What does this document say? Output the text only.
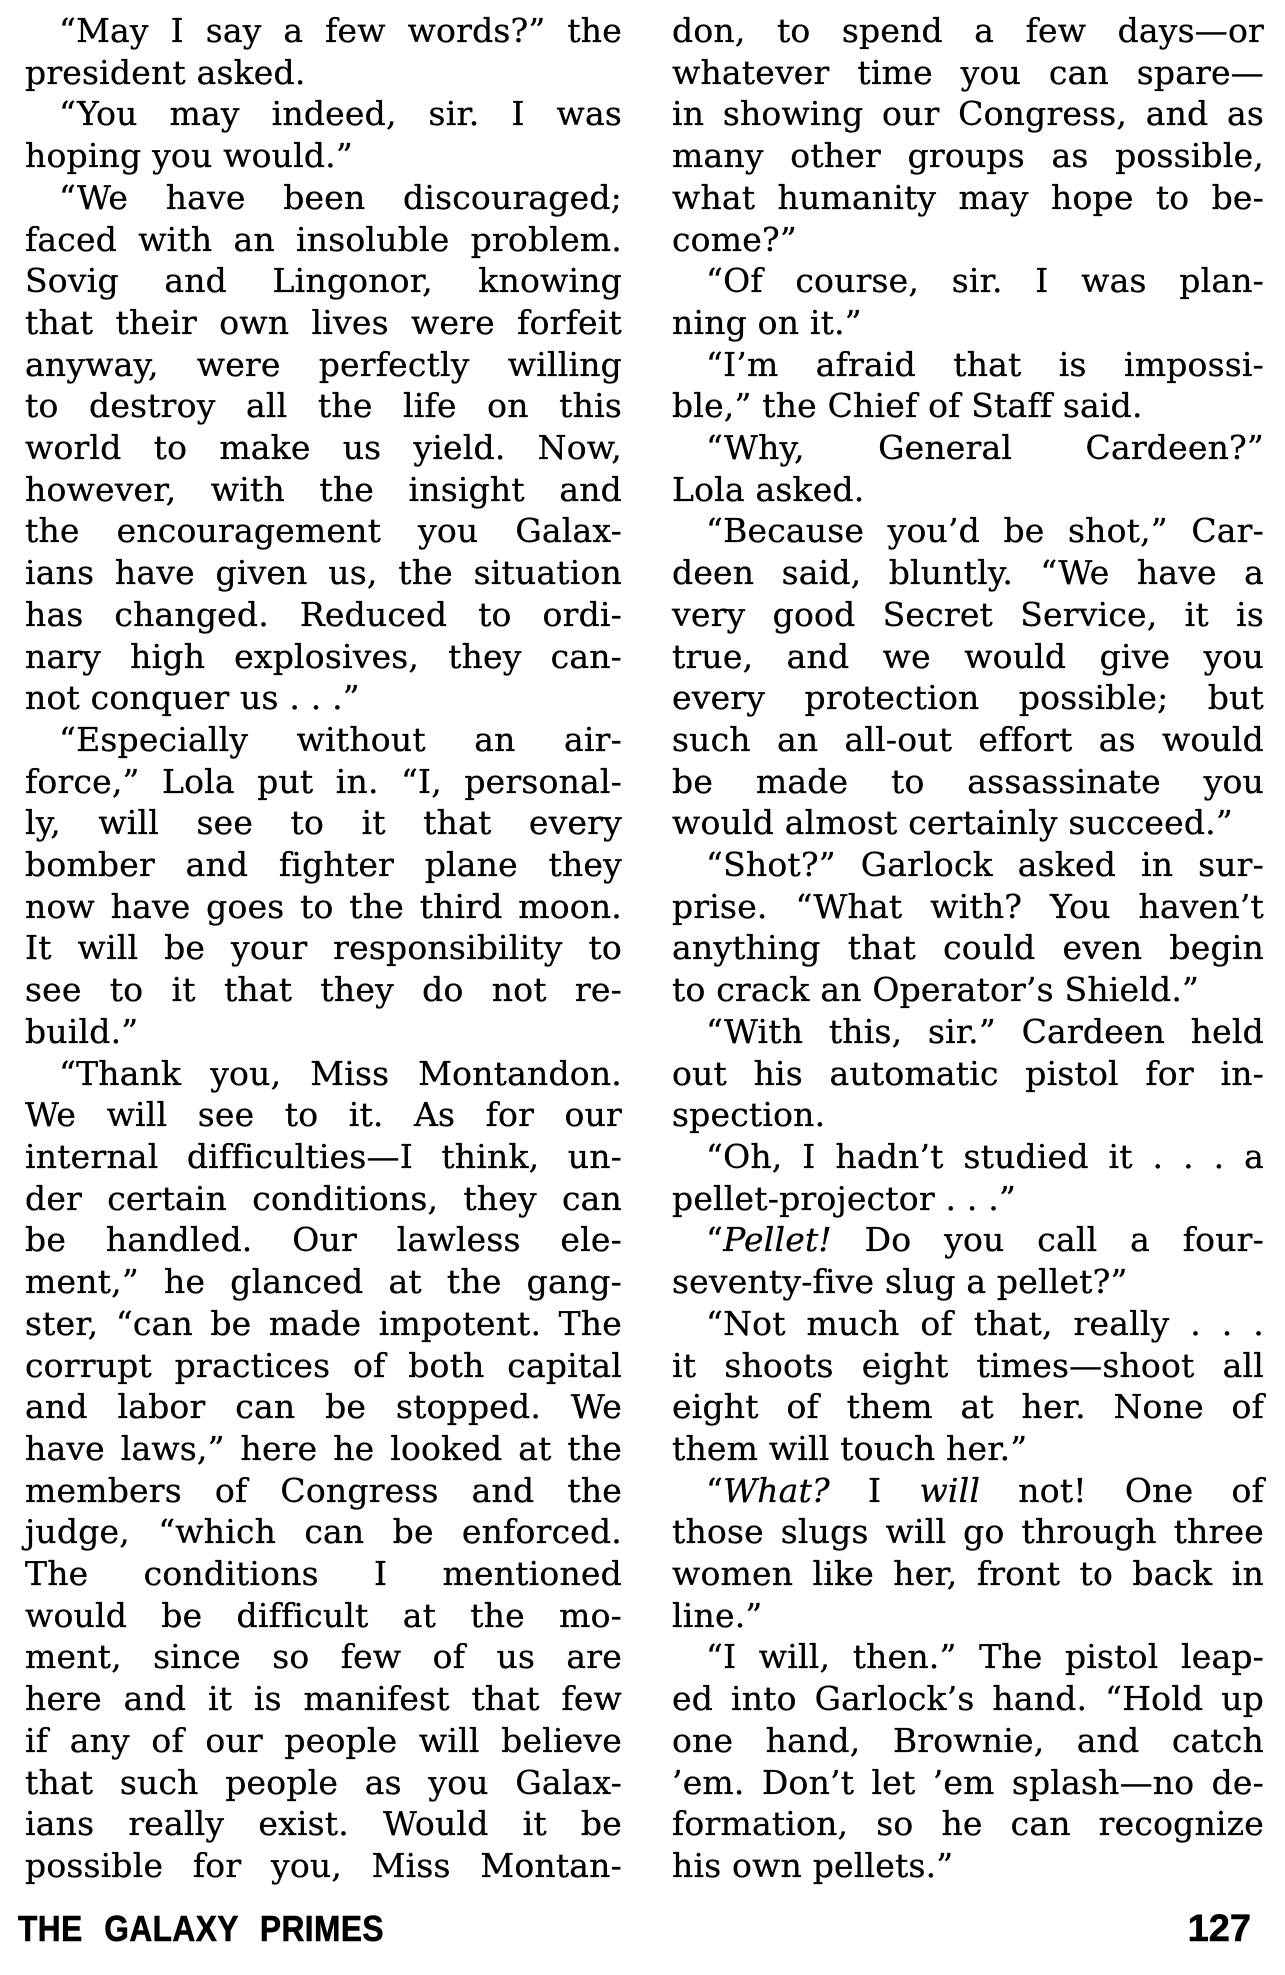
“May I say a few words?” the
president asked.
“You may indeed, sir. I was
hoping you would.”
“We have been discouraged;
faced with an insoluble problem.
Sovig and Lingonor, knowing
that their own lives were forfeit
anyway, were perfectly willing
to destroy all the life on this
world to make us yield. Now,
however, with the insight and
the encouragement you Galax-
ians have given us, the situation
has changed. Reduced to ordi-
nary high explosives, they can-
not conquer us . . .”
“Especially without an air-
force,” Lola put in. “I, personal-
ly, will see to it that every
bomber and fighter plane they
now have goes to the third moon.
It will be your responsibility to
see to it that they do not re-
build.”
“Thank you, Miss Montandon.
We will see to it. As for our
internal difficulties—I think, un-
der certain conditions, they can
be handled. Our lawless ele-
ment,” he glanced at the gang-
ster, “can be made impotent. The
corrupt practices of both capital
and labor can be stopped. We
have laws,” here he looked at the
members of Congress and the
judge, “which can be enforced.
The conditions I mentioned
would be difficult at the mo-
ment, since so few of us are
here and it is manifest that few
if any of our people will believe
that such people as you Galax-
ians really exist. Would it be
possible for you, Miss Montan-
don, to spend a few days—or
whatever time you can spare—
in showing our Congress, and as
many other groups as possible,
what humanity may hope to be-
come?”
“Of course, sir. I was plan-
ning on it.”
“I’m afraid that is impossi-
ble,” the Chief of Staff said.
“Why, General Cardeen?”
Lola asked.
“Because you’d be shot,” Car-
deen said, bluntly. “We have a
very good Secret Service, it is
true, and we would give you
every protection possible; but
such an all-out effort as would
be made to assassinate you
would almost certainly succeed.”
“Shot?” Garlock asked in sur-
prise. “What with? You haven’t
anything that could even begin
to crack an Operator’s Shield.”
“With this, sir.” Cardeen held
out his automatic pistol for in-
spection.
“Oh, I hadn’t studied it . . . a
pellet-projector . . .”
“Pellet! Do you call a four-
seventy-five slug a pellet?”
“Not much of that, really . . .
it shoots eight times—shoot all
eight of them at her. None of
them will touch her.”
“What? I will not! One of
those slugs will go through three
women like her, front to back in
line.”
“I will, then.” The pistol leap-
ed into Garlock’s hand. “Hold up
one hand, Brownie, and catch
’em. Don’t let ’em splash—no de-
formation, so he can recognize
his own pellets.”
THE GALAXY PRIMES	127
